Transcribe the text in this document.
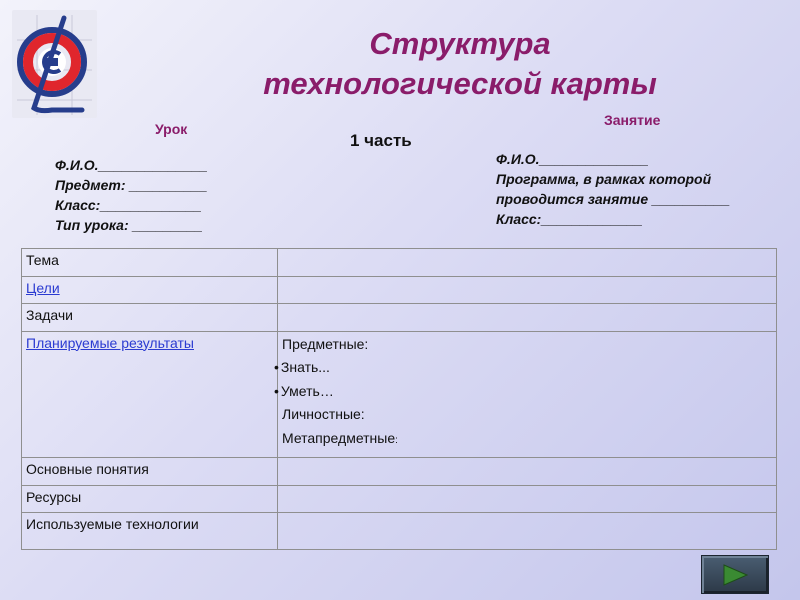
Структура
технологической карты
Урок
Ф.И.О.______________
Предмет: __________
Класс:_____________
Тип урока: _________
1 часть
Занятие
Ф.И.О.______________
Программа, в рамках которой
проводится занятие __________
Класс:_____________
Тема	
Цели	
Задачи	
Планируемые результаты	Предметные:
• Знать...
• Уметь…
Личностные:
Метапредметные:

Основные понятия	
Ресурсы	
Используемые технологии	
